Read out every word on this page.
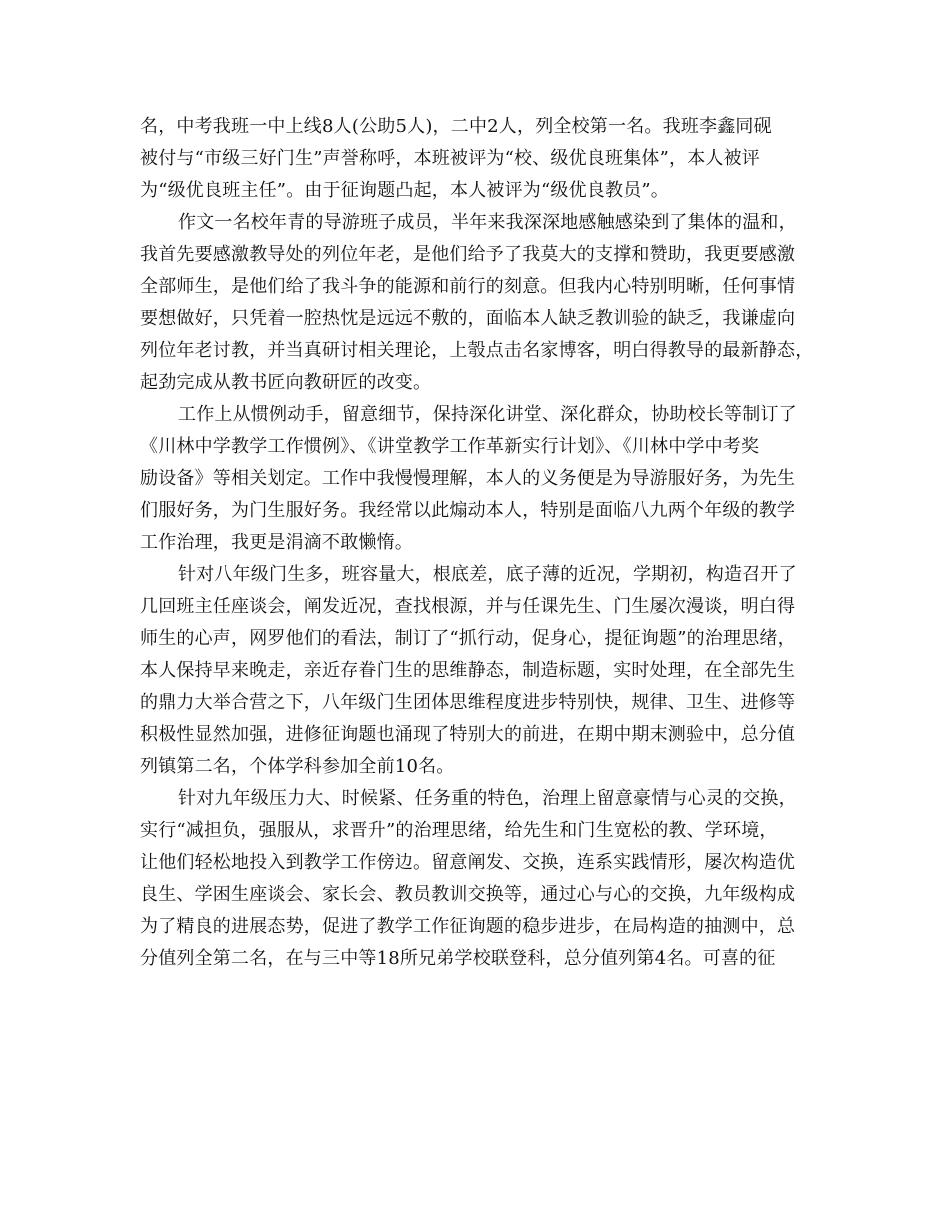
名，中考我班一中上线8人(公助5人)，二中2人，列全校第一名。我班李鑫同砚
被付与“市级三好门生”声誉称呼，本班被评为“校、级优良班集体”，本人被评
为“级优良班主任”。由于征询题凸起，本人被评为“级优良教员”。
作文一名校年青的导游班子成员，半年来我深深地感触感染到了集体的温和，
我首先要感激教导处的列位年老，是他们给予了我莫大的支撑和赞助，我更要感激
全部师生，是他们给了我斗争的能源和前行的刻意。但我内心特别明晰，任何事情
要想做好，只凭着一腔热忱是远远不敷的，面临本人缺乏教训验的缺乏，我谦虚向
列位年老讨教，并当真研讨相关理论，上彀点击名家博客，明白得教导的最新静态，
起劲完成从教书匠向教研匠的改变。
工作上从惯例动手，留意细节，保持深化讲堂、深化群众，协助校长等制订了
《川林中学教学工作惯例》、《讲堂教学工作革新实行计划》、《川林中学中考奖
励设备》等相关划定。工作中我慢慢理解，本人的义务便是为导游服好务，为先生
们服好务，为门生服好务。我经常以此煽动本人，特别是面临八九两个年级的教学
工作治理，我更是涓滴不敢懒惰。
针对八年级门生多，班容量大，根底差，底子薄的近况，学期初，构造召开了
几回班主任座谈会，阐发近况，查找根源，并与任课先生、门生屡次漫谈，明白得
师生的心声，网罗他们的看法，制订了“抓行动，促身心，提征询题”的治理思绪，
本人保持早来晚走，亲近存眷门生的思维静态，制造标题，实时处理，在全部先生
的鼎力大举合营之下，八年级门生团体思维程度进步特别快，规律、卫生、进修等
积极性显然加强，进修征询题也涌现了特别大的前进，在期中期末测验中，总分值
列镇第二名，个体学科参加全前10名。
针对九年级压力大、时候紧、任务重的特色，治理上留意豪情与心灵的交换，
实行“减担负，强服从，求晋升”的治理思绪，给先生和门生宽松的教、学环境，
让他们轻松地投入到教学工作傍边。留意阐发、交换，连系实践情形，屡次构造优
良生、学困生座谈会、家长会、教员教训交换等，通过心与心的交换，九年级构成
为了精良的进展态势，促进了教学工作征询题的稳步进步，在局构造的抽测中，总
分值列全第二名，在与三中等18所兄弟学校联登科，总分值列第4名。可喜的征
